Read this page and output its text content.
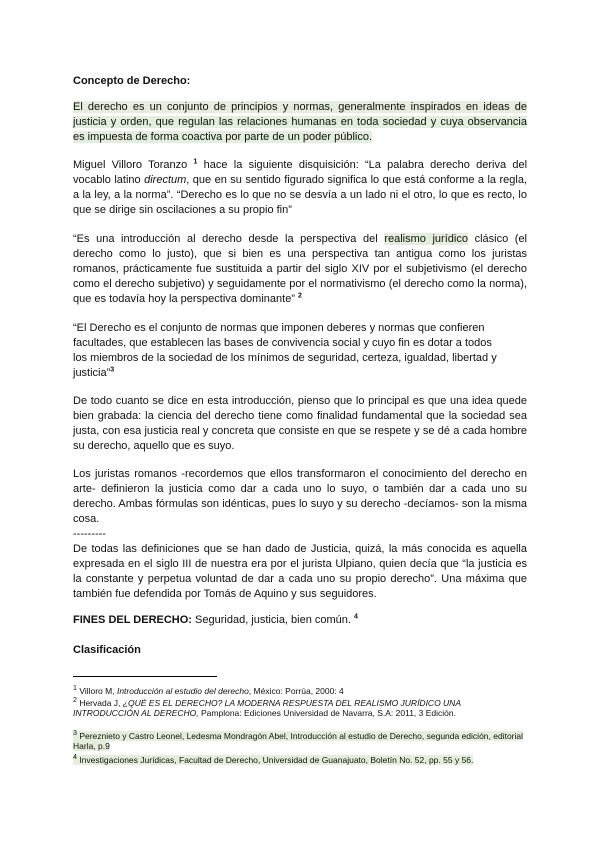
Concepto de Derecho:
El derecho es un conjunto de principios y normas, generalmente inspirados en ideas de justicia y orden, que regulan las relaciones humanas en toda sociedad y cuya observancia es impuesta de forma coactiva por parte de un poder público.
Miguel Villoro Toranzo $^1$ hace la siguiente disquisición: “La palabra derecho deriva del vocablo latino directum, que en su sentido figurado significa lo que está conforme a la regla, a la ley, a la norma”. “Derecho es lo que no se desvía a un lado ni el otro, lo que es recto, lo que se dirige sin oscilaciones a su propio fin”
“Es una introducción al derecho desde la perspectiva del realismo jurídico clásico (el derecho como lo justo), que si bien es una perspectiva tan antigua como los juristas romanos, prácticamente fue sustituida a partir del siglo XIV por el subjetivismo (el derecho como el derecho subjetivo) y seguidamente por el normativismo (el derecho como la norma), que es todavía hoy la perspectiva dominante” $^2$
“El Derecho es el conjunto de normas que imponen deberes y normas que confieren
facultades, que establecen las bases de convivencia social y cuyo fin es dotar a todos
los miembros de la sociedad de los mínimos de seguridad, certeza, igualdad, libertad y
justicia”$^3$
De todo cuanto se dice en esta introducción, pienso que lo principal es que una idea quede bien grabada: la ciencia del derecho tiene como finalidad fundamental que la sociedad sea justa, con esa justicia real y concreta que consiste en que se respete y se dé a cada hombre su derecho, aquello que es suyo.
Los juristas romanos -recordemos que ellos transformaron el conocimiento del derecho en arte- definieron la justicia como dar a cada uno lo suyo, o también dar a cada uno su derecho. Ambas fórmulas son idénticas, pues lo suyo y su derecho -decíamos- son la misma cosa.
---------
De todas las definiciones que se han dado de Justicia, quizá, la más conocida es aquella expresada en el siglo III de nuestra era por el jurista Ulpiano, quien decía que “la justicia es la constante y perpetua voluntad de dar a cada uno su propio derecho”. Una máxima que también fue defendida por Tomás de Aquino y sus seguidores.
FINES DEL DERECHO: Seguridad, justicia, bien común. $^4$
Clasificación
$^1$ Villoro M, Introducción al estudio del derecho, México: Porrúa, 2000: 4
$^2$ Hervada J, ¿QUÉ ES EL DERECHO? LA MODERNA RESPUESTA DEL REALISMO JURÍDICO UNA INTRODUCCIÓN AL DERECHO, Pamplona: Ediciones Universidad de Navarra, S.A: 2011, 3 Edición.
$^3$ Pereznieto y Castro Leonel, Ledesma Mondragón Abel, Introducción al estudio de Derecho, segunda edición, editorial Harla, p.9
$^4$ Investigaciones Jurídicas, Facultad de Derecho, Universidad de Guanajuato, Boletín No. 52, pp. 55 y 56.
